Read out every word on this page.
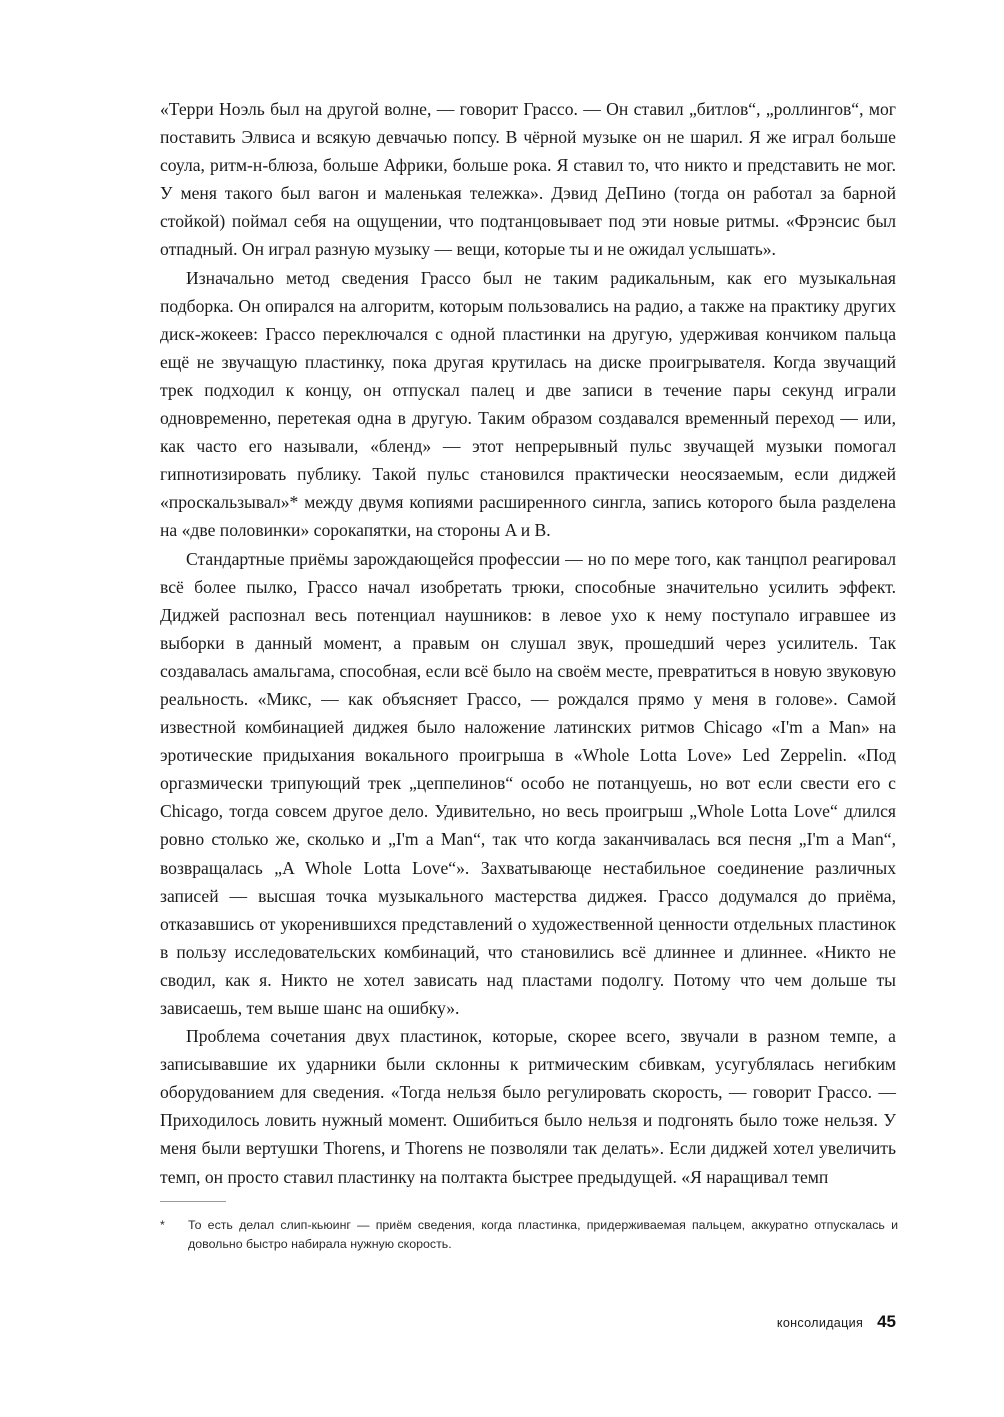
«Терри Ноэль был на другой волне, — говорит Грассо. — Он ставил „битлов“, „роллингов“, мог поставить Элвиса и всякую девчачью попсу. В чёрной музыке он не шарил. Я же играл больше соула, ритм-н-блюза, больше Африки, больше рока. Я ставил то, что никто и представить не мог. У меня такого был вагон и маленькая тележка». Дэвид ДеПино (тогда он работал за барной стойкой) поймал себя на ощущении, что подтанцовывает под эти новые ритмы. «Фрэнсис был отпадный. Он играл разную музыку — вещи, которые ты и не ожидал услышать».

Изначально метод сведения Грассо был не таким радикальным, как его музыкальная подборка. Он опирался на алгоритм, которым пользовались на радио, а также на практику других диск-жокеев: Грассо переключался с одной пластинки на другую, удерживая кончиком пальца ещё не звучащую пластинку, пока другая крутилась на диске проигрывателя. Когда звучащий трек подходил к концу, он отпускал палец и две записи в течение пары секунд играли одновременно, перетекая одна в другую. Таким образом создавался временный переход — или, как часто его называли, «бленд» — этот непрерывный пульс звучащей музыки помогал гипнотизировать публику. Такой пульс становился практически неосязаемым, если диджей «проскальзывал»* между двумя копиями расширенного сингла, запись которого была разделена на «две половинки» сорокапятки, на стороны A и B.

Стандартные приёмы зарождающейся профессии — но по мере того, как танцпол реагировал всё более пылко, Грассо начал изобретать трюки, способные значительно усилить эффект. Диджей распознал весь потенциал наушников: в левое ухо к нему поступало игравшее из выборки в данный момент, а правым он слушал звук, прошедший через усилитель. Так создавалась амальгама, способная, если всё было на своём месте, превратиться в новую звуковую реальность. «Микс, — как объясняет Грассо, — рождался прямо у меня в голове». Самой известной комбинацией диджея было наложение латинских ритмов Chicago «I'm a Man» на эротические придыхания вокального проигрыша в «Whole Lotta Love» Led Zeppelin. «Под оргазмически трипующий трек „цеппелинов“ особо не потанцуешь, но вот если свести его с Chicago, тогда совсем другое дело. Удивительно, но весь проигрыш „Whole Lotta Love“ длился ровно столько же, сколько и „I'm a Man“, так что когда заканчивалась вся песня „I'm a Man“, возвращалась „A Whole Lotta Love“». Захватывающе нестабильное соединение различных записей — высшая точка музыкального мастерства диджея. Грассо додумался до приёма, отказавшись от укоренившихся представлений о художественной ценности отдельных пластинок в пользу исследовательских комбинаций, что становились всё длиннее и длиннее. «Никто не сводил, как я. Никто не хотел зависать над пластами подолгу. Потому что чем дольше ты зависаешь, тем выше шанс на ошибку».

Проблема сочетания двух пластинок, которые, скорее всего, звучали в разном темпе, а записывавшие их ударники были склонны к ритмическим сбивкам, усугублялась негибким оборудованием для сведения. «Тогда нельзя было регулировать скорость, — говорит Грассо. — Приходилось ловить нужный момент. Ошибиться было нельзя и подгонять было тоже нельзя. У меня были вертушки Thorens, и Thorens не позволяли так делать». Если диджей хотел увеличить темп, он просто ставил пластинку на полтакта быстрее предыдущей. «Я наращивал темп

*	То есть делал слип-кьюинг — приём сведения, когда пластинка, придерживаемая пальцем, аккуратно отпускалась и довольно быстро набирала нужную скорость.
консолидация 45
